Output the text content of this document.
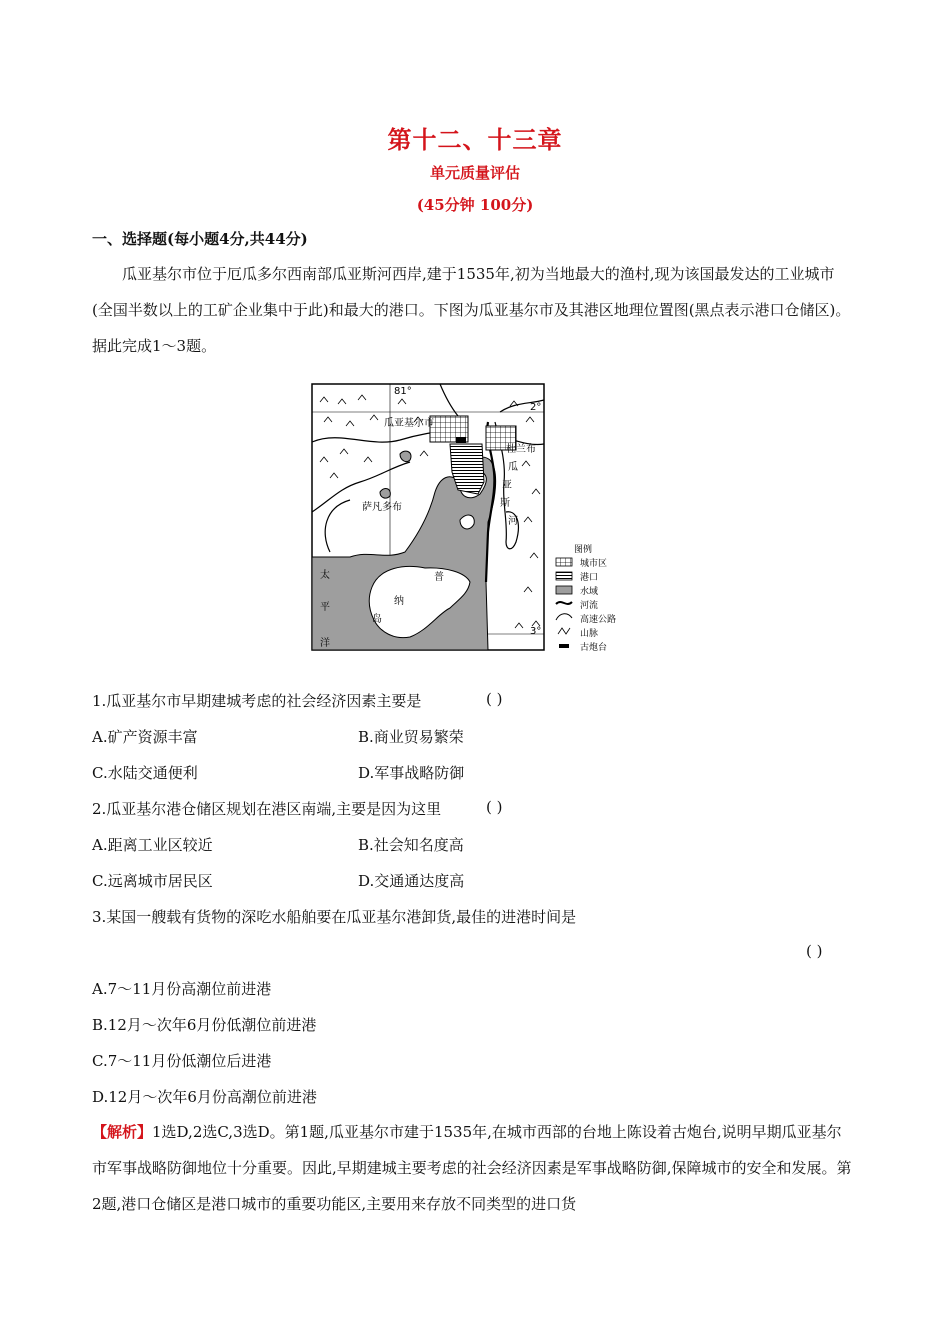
第十二、十三章
单元质量评估
(45分钟 100分)
一、选择题(每小题4分,共44分)
瓜亚基尔市位于厄瓜多尔西南部瓜亚斯河西岸,建于1535年,初为当地最大的渔村,现为该国最发达的工业城市(全国半数以上的工矿企业集中于此)和最大的港口。下图为瓜亚基尔市及其港区地理位置图(黑点表示港口仓储区)。据此完成1～3题。
81°
2°
3°
瓜亚基尔市
杜兰布
萨凡多布
瓜
亚
斯
河
太
平
洋
普
纳
岛
图例
城市区
港口
水域
河流
高速公路
山脉
古炮台
1.瓜亚基尔市早期建城考虑的社会经济因素主要是	( )
A.矿产资源丰富	B.商业贸易繁荣
C.水陆交通便利	D.军事战略防御
2.瓜亚基尔港仓储区规划在港区南端,主要是因为这里	( )
A.距离工业区较近	B.社会知名度高
C.远离城市居民区	D.交通通达度高
3.某国一艘载有货物的深吃水船舶要在瓜亚基尔港卸货,最佳的进港时间是
( )
A.7～11月份高潮位前进港
B.12月～次年6月份低潮位前进港
C.7～11月份低潮位后进港
D.12月～次年6月份高潮位前进港
【解析】1选D,2选C,3选D。第1题,瓜亚基尔市建于1535年,在城市西部的台地上陈设着古炮台,说明早期瓜亚基尔市军事战略防御地位十分重要。因此,早期建城主要考虑的社会经济因素是军事战略防御,保障城市的安全和发展。第2题,港口仓储区是港口城市的重要功能区,主要用来存放不同类型的进口货
